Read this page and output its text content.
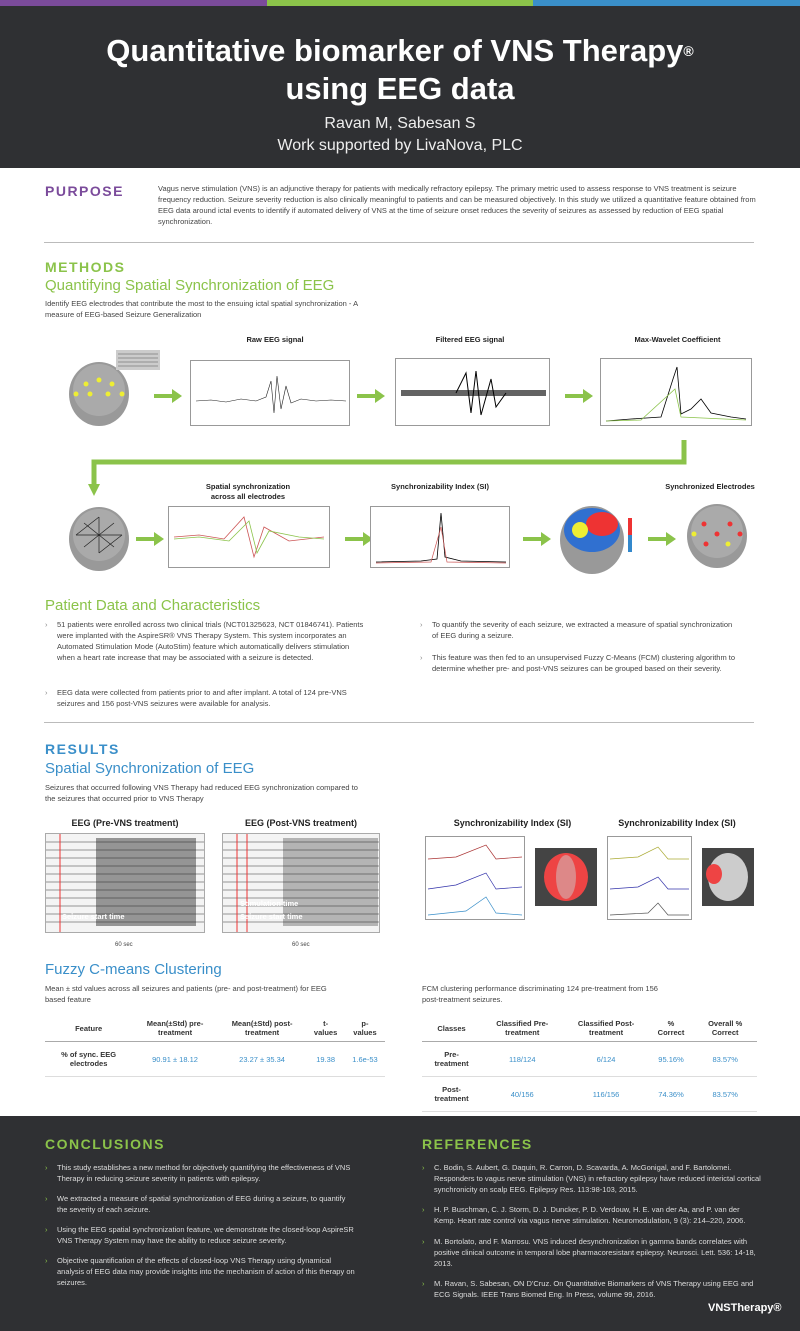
Quantitative biomarker of VNS Therapy®
using EEG data
Ravan M, Sabesan S
Work supported by LivaNova, PLC
PURPOSE	Vagus nerve stimulation (VNS) is an adjunctive therapy for patients with medically refractory epilepsy. The primary metric used to assess response to VNS treatment is seizure frequency reduction. Seizure severity reduction is also clinically meaningful to patients and can be measured objectively. In this study we utilized a quantitative feature obtained from EEG data around ictal events to identify if automated delivery of VNS at the time of seizure onset reduces the severity of seizures as assessed by reduction of EEG spatial synchronization.
METHODS
Quantifying Spatial Synchronization of EEG
Identify EEG electrodes that contribute the most to the ensuing ictal spatial synchronization - A measure of EEG-based Seizure Generalization
Raw EEG signal	Filtered EEG signal	Max-Wavelet Coefficient
Spatial synchronization
across all electrodes
Synchronizability Index (SI)	Synchronized Electrodes
Patient Data and Characteristics
› 51 patients were enrolled across two clinical trials (NCT01325623, NCT 01846741). Patients were implanted with the AspireSR® VNS Therapy System. This system incorporates an Automated Stimulation Mode (AutoStim) feature which automatically delivers stimulation when a heart rate increase that may be associated with a seizure is detected.
› EEG data were collected from patients prior to and after implant. A total of 124 pre-VNS seizures and 156 post-VNS seizures were available for analysis.
› To quantify the severity of each seizure, we extracted a measure of spatial synchronization of EEG during a seizure.
› This feature was then fed to an unsupervised Fuzzy C-Means (FCM) clustering algorithm to determine whether pre- and post-VNS seizures can be grouped based on their severity.
RESULTS
Spatial Synchronization of EEG
Seizures that occurred following VNS Therapy had reduced EEG synchronization compared to the seizures that occurred prior to VNS Therapy
EEG (Pre-VNS treatment)
Seizure start time
60 sec
EEG (Post-VNS treatment)
Stimulation time
Seizure start time
60 sec
Synchronizability Index (SI)	Synchronizability Index (SI)
Fuzzy C-means Clustering
Mean ± std values across all seizures and patients (pre- and post-treatment) for EEG based feature
FCM clustering performance discriminating 124 pre-treatment from 156 post-treatment seizures.
Feature	Mean(±Std) pre-treatment	Mean(±Std) post-treatment	t-values	p-values
% of sync. EEG electrodes	90.91 ± 18.12	23.27 ± 35.34	19.38	1.6e-53
Classes	Classified Pre-treatment	Classified Post-treatment	% Correct	Overall % Correct
Pre-treatment	118/124	6/124	95.16%	83.57%
Post-treatment	40/156	116/156	74.36%	83.57%
CONCLUSIONS
› This study establishes a new method for objectively quantifying the effectiveness of VNS Therapy in reducing seizure severity in patients with epilepsy.
› We extracted a measure of spatial synchronization of EEG during a seizure, to quantify the severity of each seizure.
› Using the EEG spatial synchronization feature, we demonstrate the closed-loop AspireSR VNS Therapy System may have the ability to reduce seizure severity.
› Objective quantification of the effects of closed-loop VNS Therapy using dynamical analysis of EEG data may provide insights into the mechanism of action of this therapy on seizures.
REFERENCES
› C. Bodin, S. Aubert, G. Daquin, R. Carron, D. Scavarda, A. McGonigal, and F. Bartolomei. Responders to vagus nerve stimulation (VNS) in refractory epilepsy have reduced interictal cortical synchronicity on scalp EEG. Epilepsy Res. 113:98-103, 2015.
› H. P. Buschman, C. J. Storm, D. J. Duncker, P. D. Verdouw, H. E. van der Aa, and P. van der Kemp. Heart rate control via vagus nerve stimulation. Neuromodulation, 9 (3): 214–220, 2006.
› M. Bortolato, and F. Marrosu. VNS induced desynchronization in gamma bands correlates with positive clinical outcome in temporal lobe pharmacoresistant epilepsy. Neurosci. Lett. 536: 14-18, 2013.
› M. Ravan, S. Sabesan, ON D'Cruz. On Quantitative Biomarkers of VNS Therapy using EEG and ECG Signals. IEEE Trans Biomed Eng. In Press, volume 99, 2016.
VNSTherapy®
